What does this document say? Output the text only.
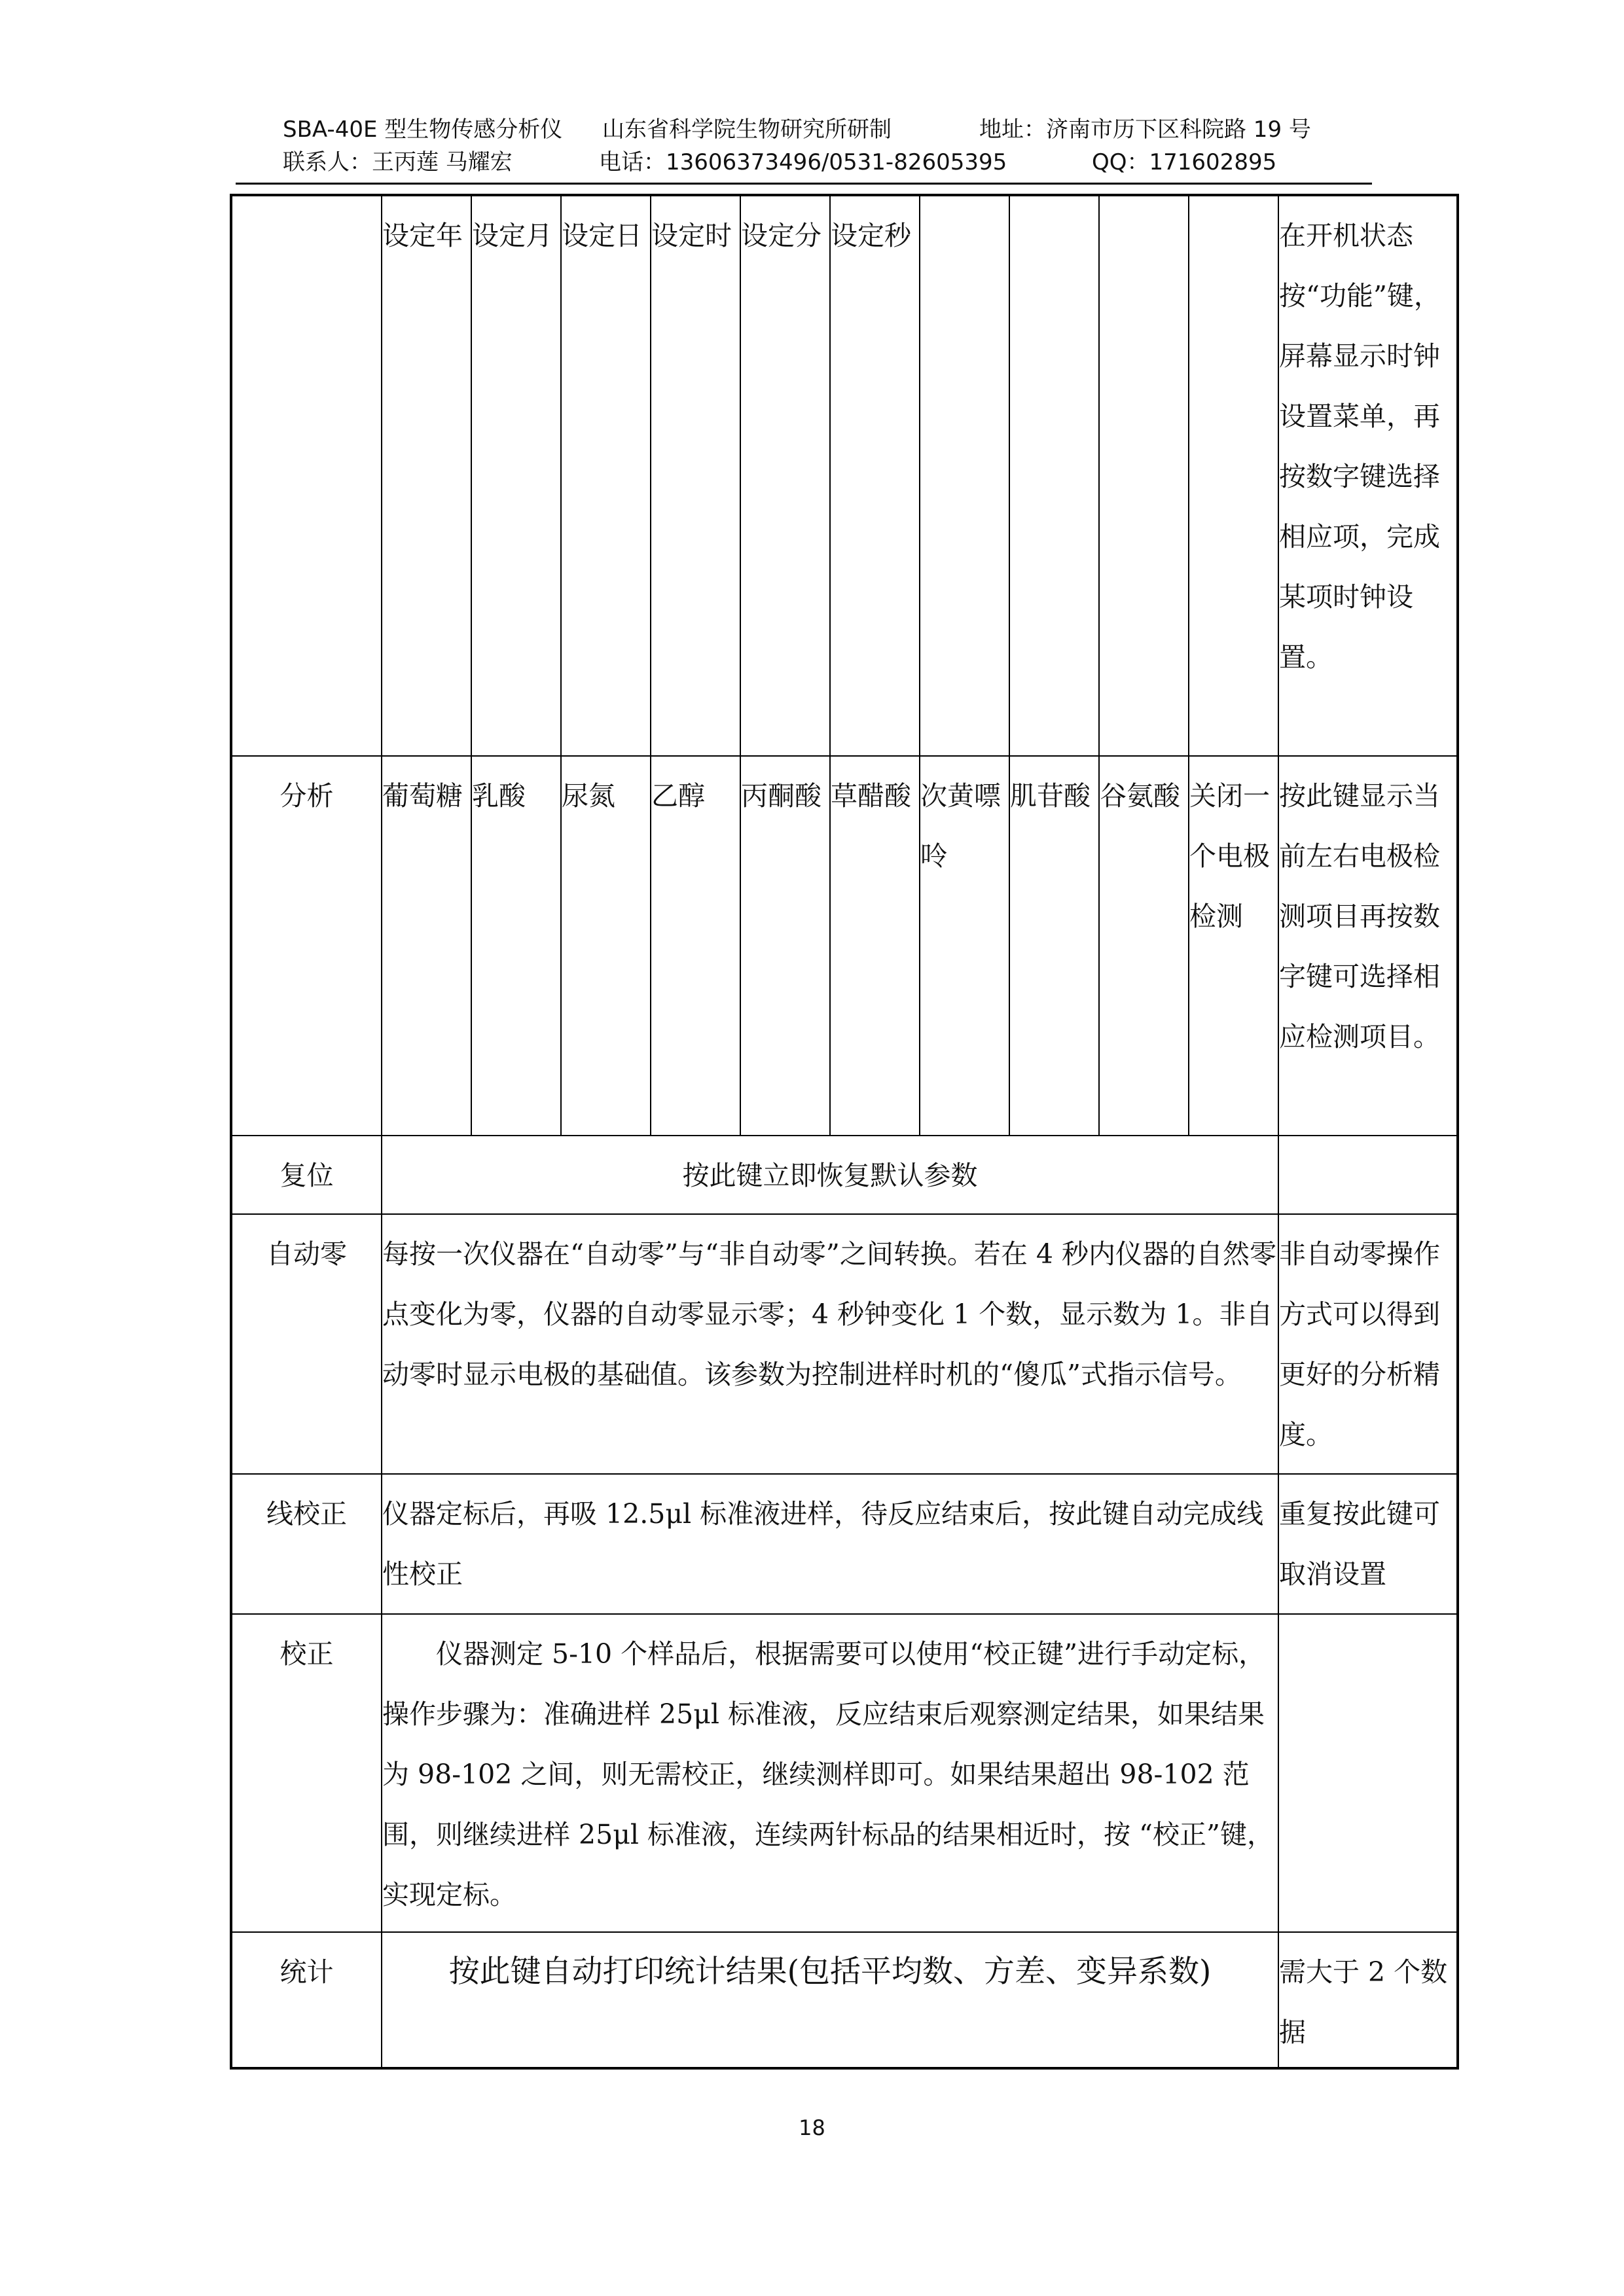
SBA-40E 型生物传感分析仪 山东省科学院生物研究所研制	地址：济南市历下区科院路 19 号
联系人：王丙莲 马耀宏	电话：13606373496/0531-82605395	QQ：171602895
	设定年	设定月	设定日	设定时	设定分	设定秒					在开机状态按“功能”键，屏幕显示时钟设置菜单，再按数字键选择相应项，完成某项时钟设置。
分析	葡萄糖	乳酸	尿氮	乙醇	丙酮酸	草醋酸	次黄嘌呤	肌苷酸	谷氨酸	关闭一个电极检测	按此键显示当前左右电极检测项目再按数字键可选择相应检测项目。
复位	按此键立即恢复默认参数										
自动零	每按一次仪器在“自动零”与“非自动零”之间转换。若在 4 秒内仪器的自然零点变化为零，仪器的自动零显示零；4 秒钟变化 1 个数，显示数为 1。非自动零时显示电极的基础值。该参数为控制进样时机的“傻瓜”式指示信号。										非自动零操作方式可以得到更好的分析精度。
线校正	仪器定标后，再吸 12.5μl 标准液进样，待反应结束后，按此键自动完成线性校正										重复按此键可取消设置
校正	仪器测定 5-10 个样品后，根据需要可以使用“校正键”进行手动定标，操作步骤为：准确进样 25μl 标准液，反应结束后观察测定结果，如果结果为 98-102 之间，则无需校正，继续测样即可。如果结果超出 98-102 范围，则继续进样 25μl 标准液，连续两针标品的结果相近时，按 “校正”键，实现定标。										
统计	按此键自动打印统计结果(包括平均数、方差、变异系数)										需大于 2 个数据
18
